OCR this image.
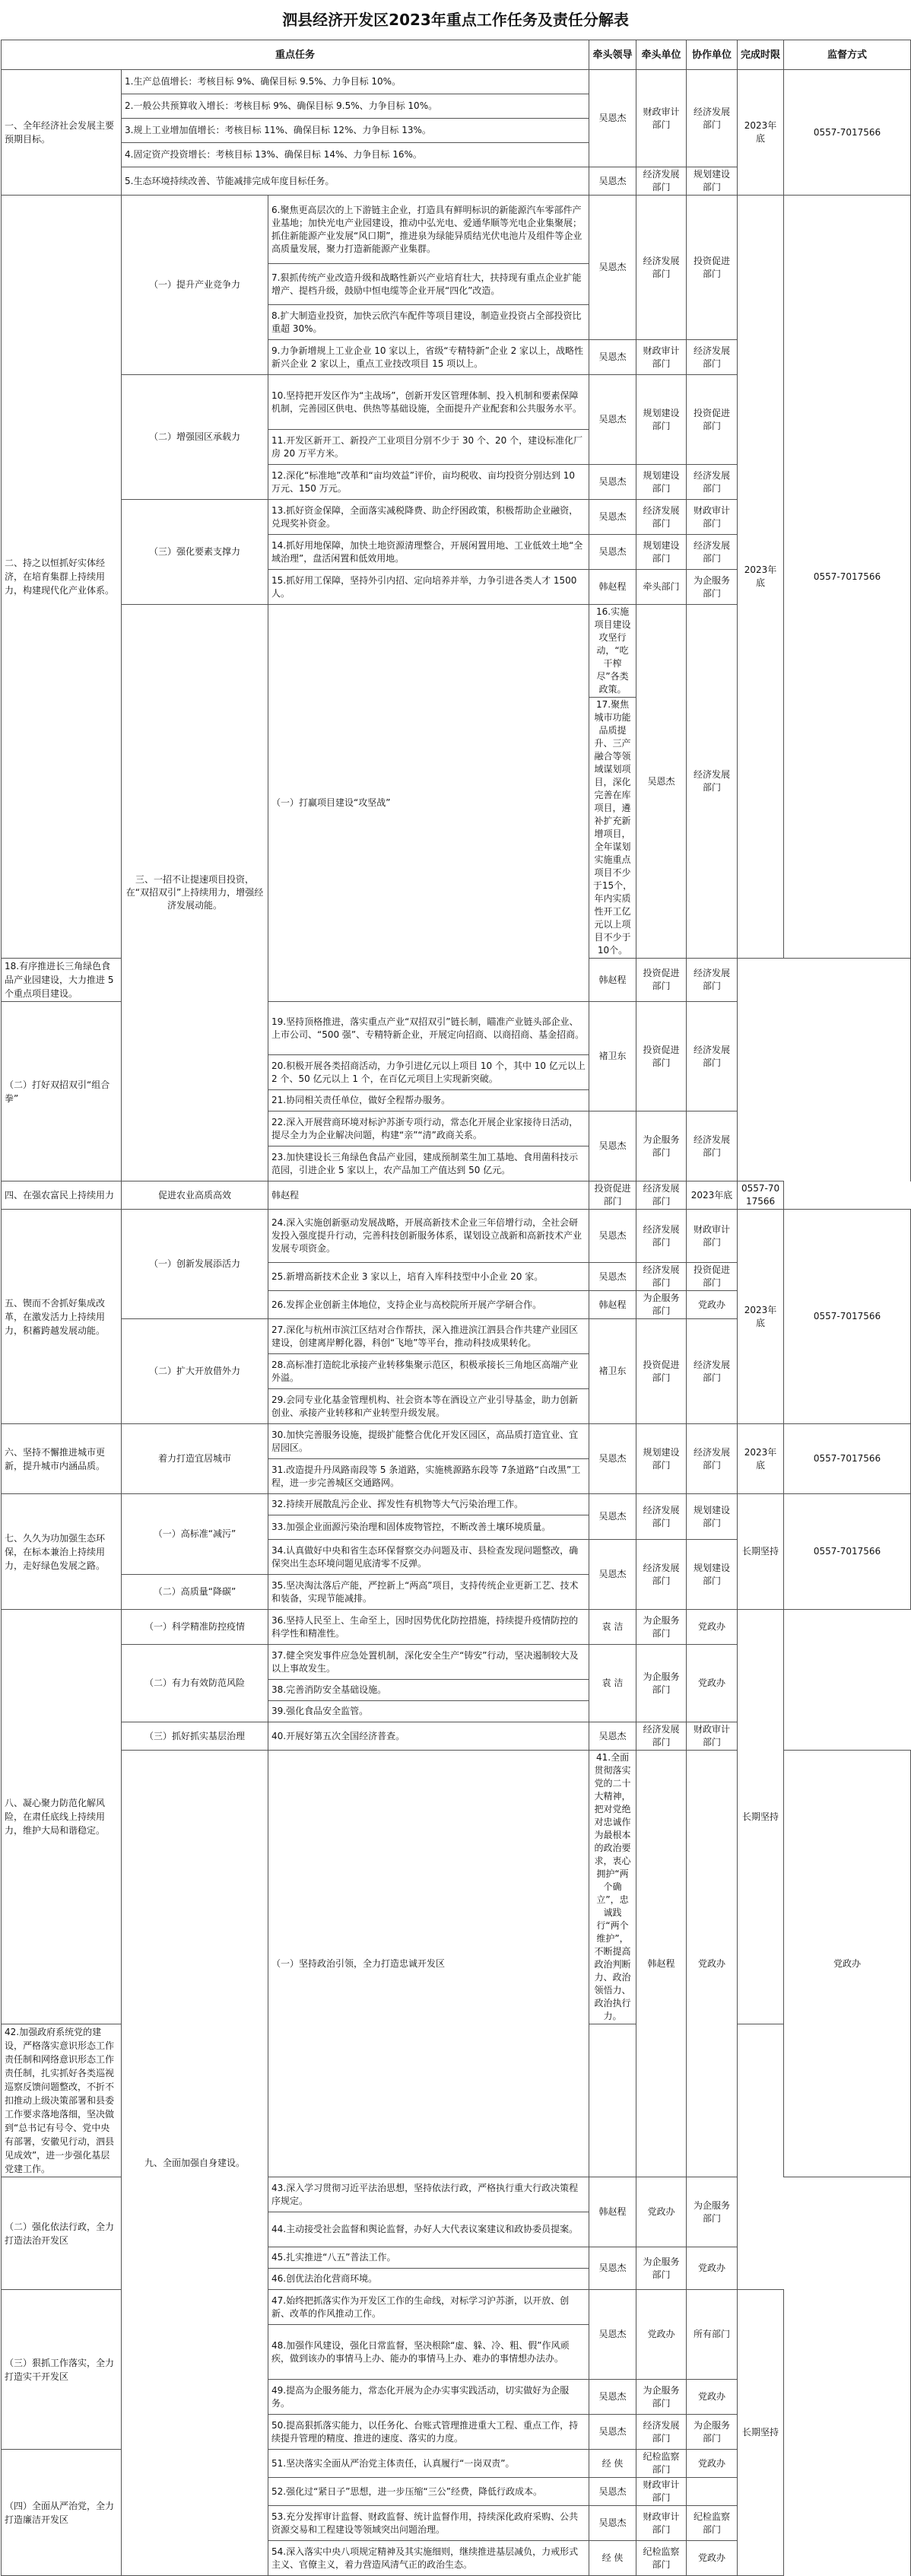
泗县经济开发区2023年重点工作任务及责任分解表
重点任务			牵头领导	牵头单位	协作单位	完成时限	监督方式	
一、全年经济社会发展主要预期目标。	1.生产总值增长：考核目标 9%、确保目标 9.5%、力争目标 10%。		吴恩杰	财政审计部门	经济发展部门	2023年底	0557-7017566	
	2.一般公共预算收入增长：考核目标 9%、确保目标 9.5%、力争目标 10%。							
	3.规上工业增加值增长：考核目标 11%、确保目标 12%、力争目标 13%。							
	4.固定资产投资增长：考核目标 13%、确保目标 14%、力争目标 16%。							
	5.生态环境持续改善、节能减排完成年度目标任务。		吴恩杰	经济发展部门	规划建设部门			
二、持之以恒抓好实体经济，在培育集群上持续用力，构建现代化产业体系。	（一）提升产业竞争力	6.聚焦更高层次的上下游链主企业，打造具有鲜明标识的新能源汽车零部件产业基地；加快光电产业园建设，推动中弘光电、爱通华顺等光电企业集聚展；抓住新能源产业发展“风口期”，推进泉为绿能异质结光伏电池片及组件等企业高质量发展，聚力打造新能源产业集群。	吴恩杰	经济发展部门	投资促进部门	2023年底	0557-7017566	
		7.狠抓传统产业改造升级和战略性新兴产业培育壮大，扶持现有重点企业扩能增产、提档升级，鼓励中恒电缆等企业开展“四化”改造。						
		8.扩大制造业投资，加快云欣汽车配件等项目建设，制造业投资占全部投资比重超 30%。						
		9.力争新增规上工业企业 10 家以上，省级“专精特新”企业 2 家以上，战略性新兴企业 2 家以上，重点工业技改项目 15 项以上。	吴恩杰	财政审计部门	经济发展部门			
	（二）增强园区承载力	10.坚持把开发区作为“主战场”，创新开发区管理体制、投入机制和要素保障机制，完善园区供电、供热等基础设施，全面提升产业配套和公共服务水平。	吴恩杰	规划建设部门	投资促进部门			
		11.开发区新开工、新投产工业项目分别不少于 30 个、20 个，建设标准化厂房 20 万平方米。						
		12.深化“标准地”改革和“亩均效益”评价，亩均税收、亩均投资分别达到 10 万元、150 万元。	吴恩杰	规划建设部门	经济发展部门			
	（三）强化要素支撑力	13.抓好资金保障，全面落实减税降费、助企纾困政策，积极帮助企业融资，兑现奖补资金。	吴恩杰	经济发展部门	财政审计部门			
		14.抓好用地保障，加快土地资源清理整合，开展闲置用地、工业低效土地“全域治理”，盘活闲置和低效用地。	吴恩杰	规划建设部门	经济发展部门			
		15.抓好用工保障，坚持外引内招、定向培养并举，力争引进各类人才 1500人。	韩赵程	牵头部门	为企服务部门			
	三、一招不让提速项目投资，在“双招双引”上持续用力，增强经济发展动能。	（一）打赢项目建设“攻坚战”	16.实施项目建设攻坚行动，“吃干榨尽”各类政策。	吴恩杰	经济发展部门			
			17.聚焦城市功能品质提升、三产融合等领域谋划项目，深化完善在库项目，遴补扩充新增项目，全年谋划实施重点项目不少于15个，年内实质性开工亿元以上项目不少于10个。					
18.有序推进长三角绿色食品产业园建设，大力推进 5 个重点项目建设。			韩赵程	投资促进部门	经济发展部门			
（二）打好双招双引“组合拳”		19.坚持顶格推进，落实重点产业“双招双引”链长制，瞄准产业链头部企业、上市公司、“500 强”、专精特新企业，开展定向招商、以商招商、基金招商。	褚卫东	投资促进部门	经济发展部门			
		20.积极开展各类招商活动，力争引进亿元以上项目 10 个，其中 10 亿元以上 2 个、50 亿元以上 1 个，在百亿元项目上实现新突破。						
		21.协同相关责任单位，做好全程帮办服务。						
		22.深入开展营商环境对标沪苏浙专项行动，常态化开展企业家接待日活动，提尽全力为企业解决问题，构建“亲”“清”政商关系。	吴恩杰	为企服务部门	经济发展部门			
		23.加快建设长三角绿色食品产业园，建成预制菜生加工基地、食用菌科技示范园，引进企业 5 家以上，农产品加工产值达到 50 亿元。						
四、在强农富民上持续用力	促进农业高质高效	韩赵程	投资促进部门	经济发展部门	2023年底	0557-7017566		
五、锲而不舍抓好集成改革，在激发活力上持续用力，积蓄跨越发展动能。	（一）创新发展添活力	24.深入实施创新驱动发展战略，开展高新技术企业三年倍增行动，全社会研发投入强度提升行动，完善科技创新服务体系，谋划设立战新和高新技术产业发展专项资金。	吴恩杰	经济发展部门	财政审计部门	2023年底	0557-7017566	
		25.新增高新技术企业 3 家以上，培育入库科技型中小企业 20 家。	吴恩杰	经济发展部门	投资促进部门			
		26.发挥企业创新主体地位，支持企业与高校院所开展产学研合作。	韩赵程	为企服务部门	党政办			
	（二）扩大开放借外力	27.深化与杭州市滨江区结对合作帮扶，深入推进滨江泗县合作共建产业园区建设，创建离岸孵化器，科创“飞地”等平台，推动科技成果转化。	褚卫东	投资促进部门	经济发展部门			
		28.高标准打造皖北承接产业转移集聚示范区，积极承接长三角地区高端产业外溢。						
		29.会同专业化基金管理机构、社会资本等在酒设立产业引导基金，助力创新创业、承接产业转移和产业转型升级发展。						
六、坚持不懈推进城市更新，提升城市内涵品质。	着力打造宜居城市	30.加快完善服务设施，提级扩能整合优化开发区园区，高品质打造宜业、宜居园区。	吴恩杰	规划建设部门	经济发展部门	2023年底	0557-7017566	
		31.改造提升丹凤路南段等 5 条道路，实施桃源路东段等 7条道路“白改黑”工程，进一步完善城区交通路网。						
七、久久为功加强生态环保，在标本兼治上持续用力，走好绿色发展之路。	（一）高标准“减污”	32.持续开展散乱污企业、挥发性有机物等大气污染治理工作。	吴恩杰	经济发展部门	规划建设部门	长期坚持	0557-7017566	
		33.加强企业面源污染治理和固体废物管控，不断改善土壤环境质量。						
		34.认真做好中央和省生态环保督察交办问题及市、县检查发现问题整改，确保突出生态环境问题见底清零不反弹。	吴恩杰	经济发展部门	规划建设部门			
	（二）高质量“降碳”	35.坚决淘汰落后产能，严控新上“两高”项目，支持传统企业更新工艺、技术和装备，实现节能减排。						
八、凝心聚力防范化解风险，在肃任底线上持续用力，维护大局和谐稳定。	（一）科学精准防控疫情	36.坚持人民至上、生命至上，因时因势优化防控措施，持续提升疫情防控的科学性和精准性。	袁 洁	为企服务部门	党政办	长期坚持		
	（二）有力有效防范风险	37.健全突发事件应急处置机制，深化安全生产“铸安”行动，坚决遏制较大及以上事故发生。	袁 洁	为企服务部门	党政办			
		38.完善消防安全基础设施。						
		39.强化食品安全监管。						
	（三）抓好抓实基层治理	40.开展好第五次全国经济普查。	吴恩杰	经济发展部门	财政审计部门			
	九、全面加强自身建设。	（一）坚持政治引领，全力打造忠诚开发区	41.全面贯彻落实党的二十大精神，把对党绝对忠诚作为最根本的政治要求，衷心拥护“两个确立”，忠诚践行“两个维护”，不断提高政治判断力、政治领悟力、政治执行力。	韩赵程	党政办		党政办		
42.加强政府系统党的建设，严格落实意识形态工作责任制和网络意识形态工作责任制，扎实抓好各类巡视巡察反馈问题整改，不折不扣推动上级决策部署和县委工作要求落地落细，坚决做到“总书记有号令、党中央有部署，安徽见行动，泗县见成效”，进一步强化基层党建工作。								
（二）强化依法行政，全力打造法治开发区		43.深入学习贯彻习近平法治思想，坚持依法行政，严格执行重大行政决策程序规定。	韩赵程	党政办	为企服务部门			
		44.主动接受社会监督和舆论监督，办好人大代表议案建议和政协委员提案。						
		45.扎实推进“八五”普法工作。	吴恩杰	为企服务部门	党政办			
		46.创优法治化营商环境。						
（三）狠抓工作落实，全力打造实干开发区		47.始终把抓落实作为开发区工作的生命线，对标学习沪苏浙，以开放、创新、改革的作风推动工作。	吴恩杰	党政办	所有部门	长期坚持		
		48.加强作风建设，强化日常监督，坚决根除“虚、躲、冷、粗、假”作风顽疾，做到该办的事情马上办、能办的事情马上办、难办的事情想办法办。						
		49.提高为企服务能力，常态化开展为企办实事实践活动，切实做好为企服务。	吴恩杰	为企服务部门	党政办			
		50.提高狠抓落实能力，以任务化、台账式管理推进重大工程、重点工作，持续提升管理的精度、推进的速度、落实的力度。	吴恩杰	经济发展部门	为企服务部门			
（四）全面从严治党，全力打造廉洁开发区		51.坚决落实全面从严治党主体责任，认真履行“一岗双责”。	经 侠	纪检监察部门	党政办			
		52.强化过“紧日子”思想，进一步压缩“三公”经费，降低行政成本。	吴恩杰	财政审计部门				
		53.充分发挥审计监督、财政监督、统计监督作用，持续深化政府采购、公共资源交易和工程建设等领域突出问题治理。	吴恩杰	财政审计部门	纪检监察部门			
		54.深入落实中央八项规定精神及其实施细则，继续推进基层减负，力戒形式主义、官僚主义，着力营造风清气正的政治生态。	经 侠	纪检监察部门	党政办			
